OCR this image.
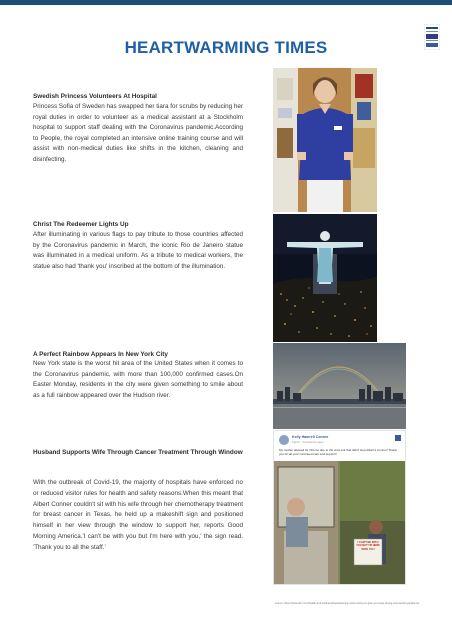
HEARTWARMING TIMES
Swedish Princess Volunteers At Hospital
Princess Sofia of Sweden has swapped her tiara for scrubs by reducing her royal duties in order to volunteer as a medical assistant at a Stockholm hospital to support staff dealing with the Coronavirus pandemic.According to People, the royal completed an intensive online training course and will assist with non-medical duties like shifts in the kitchen, cleaning and disinfecting.
Christ The Redeemer Lights Up
After illuminating in various flags to pay tribute to those countries affected by the Coronavirus pandemic in March, the iconic Rio de Janeiro statue was illuminated in a medical uniform. As a tribute to medical workers, the statue also had 'thank you' inscribed at the bottom of the illumination.
A Perfect Rainbow Appears In New York City
New York state is the worst hit area of the United States when it comes to the Coronavirus pandemic, with more than 100,000 confirmed cases.On Easter Monday, residents in the city were given something to smile about as a full rainbow appeared over the Hudson river.
Husband Supports Wife Through Cancer Treatment Through Window
With the outbreak of Covid-19, the majority of hospitals have enforced no or reduced visitor rules for health and safety reasons.When this meant that Albert Conner couldn't sit with his wife through her chemotherapy treatment for breast cancer in Texas, he held up a makeshift sign and positioned himself in her view through the window to support her, reports Good Morning America.'I can't be with you but I'm here with you,' the sign read. 'Thank you to all the staff.'
Kelly Hamrell Conner
April 2 · Comment's open
My mother allowed for Chemo due to the virus but that didn't stop Albert's Conner! Thank you for all your continued care and support!
I CAN'T BE WITH YOU BUT I'M HERE WITH YOU
source: https://www.dmr.com/health-and-wellness/heartwarming-news-stories-to-give-you-hope-during-coronavirus-pandemic/
